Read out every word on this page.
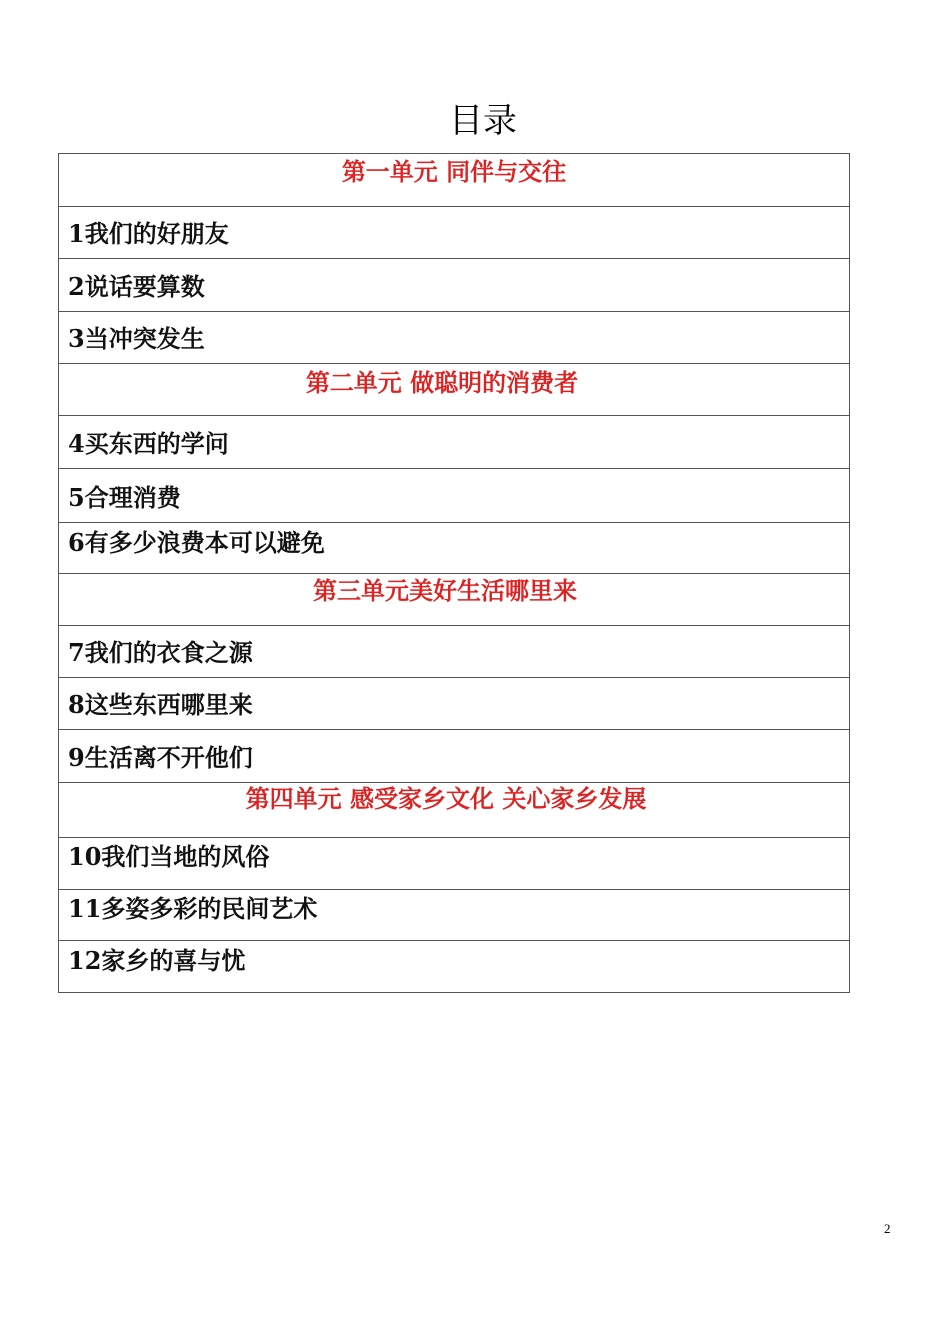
目录
第一单元 同伴与交往
1我们的好朋友
2说话要算数
3当冲突发生
第二单元 做聪明的消费者
4买东西的学问
5合理消费
6有多少浪费本可以避免
第三单元美好生活哪里来
7我们的衣食之源
8这些东西哪里来
9生活离不开他们
第四单元 感受家乡文化 关心家乡发展
10我们当地的风俗
11多姿多彩的民间艺术
12家乡的喜与忧
2
